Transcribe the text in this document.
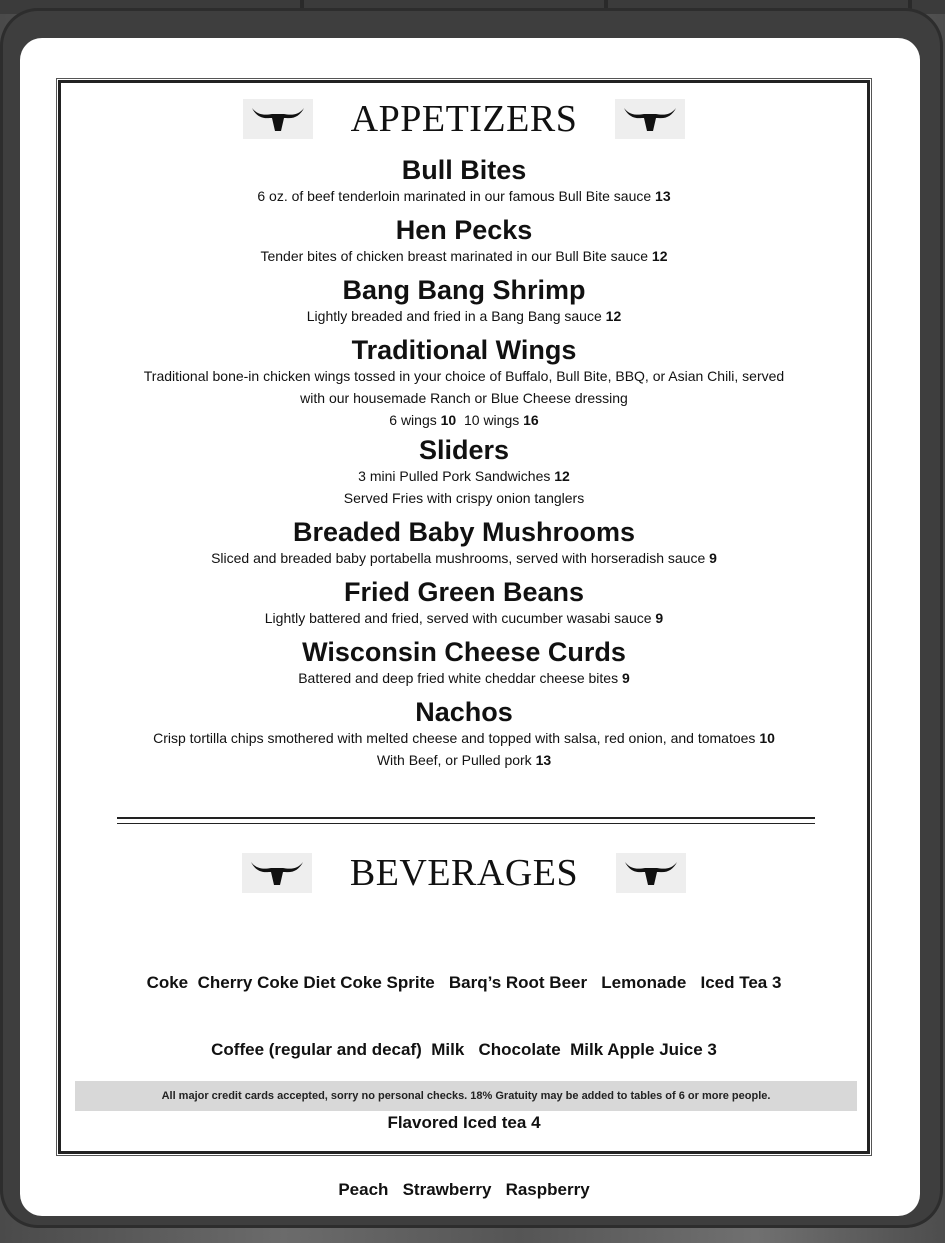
APPETIZERS

Bull Bites

6 oz. of beef tenderloin marinated in our famous Bull Bite sauce 13

Hen Pecks

Tender bites of chicken breast marinated in our Bull Bite sauce 12

Bang Bang Shrimp

Lightly breaded and fried in a Bang Bang sauce 12

Traditional Wings

Traditional bone-in chicken wings tossed in your choice of Buffalo, Bull Bite, BBQ, or Asian Chili, served

with our housemade Ranch or Blue Cheese dressing

6 wings 10 10 wings 16

Sliders

3 mini Pulled Pork Sandwiches 12

Served Fries with crispy onion tanglers

Breaded Baby Mushrooms

Sliced and breaded baby portabella mushrooms, served with horseradish sauce 9

Fried Green Beans

Lightly battered and fried, served with cucumber wasabi sauce 9

Wisconsin Cheese Curds

Battered and deep fried white cheddar cheese bites 9

Nachos

Crisp tortilla chips smothered with melted cheese and topped with salsa, red onion, and tomatoes 10

With Beef, or Pulled pork 13

BEVERAGES

Coke  Cherry Coke Diet Coke Sprite   Barq’s Root Beer   Lemonade   Iced Tea 3

Coffee (regular and decaf)  Milk   Chocolate  Milk Apple Juice 3

Flavored Iced tea 4

Peach   Strawberry   Raspberry

All major credit cards accepted, sorry no personal checks. 18% Gratuity may be added to tables of 6 or more people.
